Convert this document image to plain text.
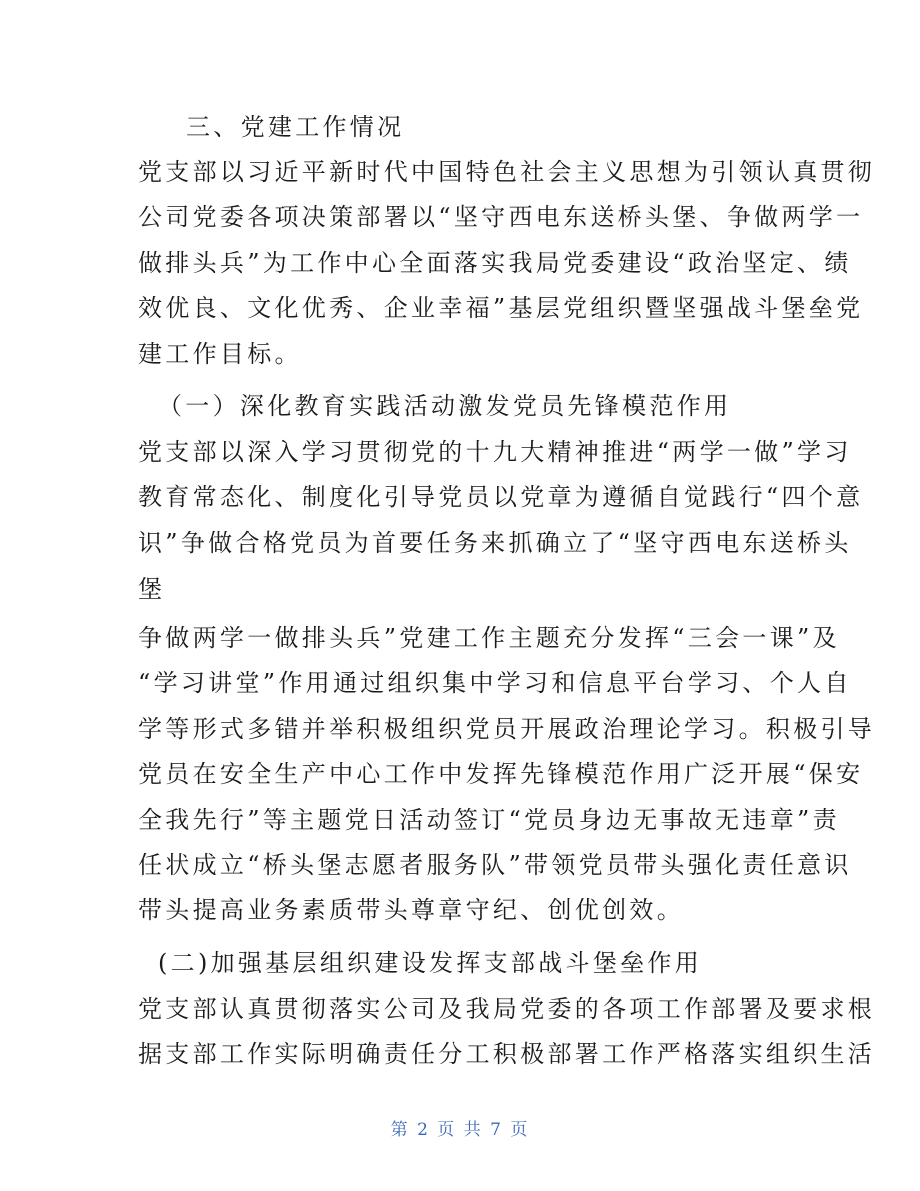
三、党建工作情况
党支部以习近平新时代中国特色社会主义思想为引领认真贯彻
公司党委各项决策部署以“坚守西电东送桥头堡、争做两学一
做排头兵”为工作中心全面落实我局党委建设“政治坚定、绩
效优良、文化优秀、企业幸福”基层党组织暨坚强战斗堡垒党
建工作目标。
（一）深化教育实践活动激发党员先锋模范作用
党支部以深入学习贯彻党的十九大精神推进“两学一做”学习
教育常态化、制度化引导党员以党章为遵循自觉践行“四个意
识”争做合格党员为首要任务来抓确立了“坚守西电东送桥头
堡
争做两学一做排头兵”党建工作主题充分发挥“三会一课”及
“学习讲堂”作用通过组织集中学习和信息平台学习、个人自
学等形式多错并举积极组织党员开展政治理论学习。积极引导
党员在安全生产中心工作中发挥先锋模范作用广泛开展“保安
全我先行”等主题党日活动签订“党员身边无事故无违章”责
任状成立“桥头堡志愿者服务队”带领党员带头强化责任意识
带头提高业务素质带头尊章守纪、创优创效。
(二)加强基层组织建设发挥支部战斗堡垒作用
党支部认真贯彻落实公司及我局党委的各项工作部署及要求根
据支部工作实际明确责任分工积极部署工作严格落实组织生活
第 2 页 共 7 页
